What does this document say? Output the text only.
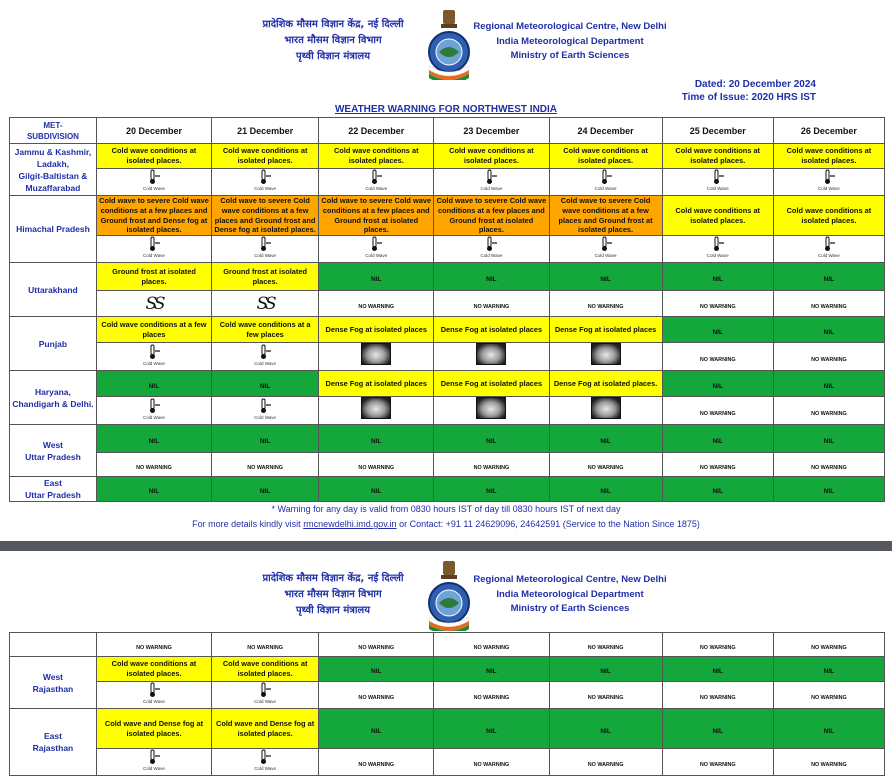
प्रादेशिक मौसम विज्ञान केंद्र, नई दिल्ली
भारत मौसम विज्ञान विभाग
पृथ्वी विज्ञान मंत्रालय
Regional Meteorological Centre, New Delhi
India Meteorological Department
Ministry of Earth Sciences
Dated: 20 December 2024
Time of Issue: 2020 HRS IST
WEATHER WARNING FOR NORTHWEST INDIA
MET-
SUBDIVISION	20 December	21 December	22 December	23 December	24 December	25 December	26 December
Jammu & Kashmir,
Ladakh,
Gilgit-Baltistan &
Muzaffarabad	Cold wave conditions at isolated places.	Cold wave conditions at isolated places.	Cold wave conditions at isolated places.	Cold wave conditions at isolated places.	Cold wave conditions at isolated places.	Cold wave conditions at isolated places.	Cold wave conditions at isolated places.

	Cold Wave	Cold Wave	Cold Wave	Cold Wave	Cold Wave	Cold Wave	Cold Wave

Himachal Pradesh	Cold wave to severe Cold wave conditions at a few places and Ground frost and Dense fog at isolated places.	Cold wave to severe Cold wave conditions at a few places and Ground frost and Dense fog at isolated places.	Cold wave to severe Cold wave conditions at a few places and Ground frost at isolated places.	Cold wave to severe Cold wave conditions at a few places and Ground frost at isolated places.	Cold wave to severe Cold wave conditions at a few places and Ground frost at isolated places.	Cold wave conditions at isolated places.	Cold wave conditions at isolated places.

	Cold Wave	Cold Wave	Cold Wave	Cold Wave	Cold Wave	Cold Wave	Cold Wave

Uttarakhand	Ground frost at isolated places.	Ground frost at isolated places.	NIL	NIL	NIL	NIL	NIL
	SS	SS	NO WARNING	NO WARNING	NO WARNING	NO WARNING	NO WARNING
Punjab	Cold wave conditions at a few places	Cold wave conditions at a few places	Dense Fog at isolated places	Dense Fog at isolated places	Dense Fog at isolated places	NIL	NIL

	Cold Wave	Cold Wave				NO WARNING	NO WARNING
Haryana,
Chandigarh & Delhi.	NIL	NIL	Dense Fog at isolated places	Dense Fog at isolated places	Dense Fog at isolated places.	NIL	NIL

	Cold Wave	Cold Wave				NO WARNING	NO WARNING
West
Uttar Pradesh	NIL	NIL	NIL	NIL	NIL	NIL	NIL
	NO WARNING	NO WARNING	NO WARNING	NO WARNING	NO WARNING	NO WARNING	NO WARNING
East
Uttar Pradesh	NIL	NIL	NIL	NIL	NIL	NIL	NIL
* Warning for any day is valid from 0830 hours IST of day till 0830 hours IST of next day
For more details kindly visit rmcnewdelhi.imd.gov.in or Contact: +91 11 24629096, 24642591 (Service to the Nation Since 1875)
प्रादेशिक मौसम विज्ञान केंद्र, नई दिल्ली
भारत मौसम विज्ञान विभाग
पृथ्वी विज्ञान मंत्रालय
Regional Meteorological Centre, New Delhi
India Meteorological Department
Ministry of Earth Sciences
	NO WARNING	NO WARNING	NO WARNING	NO WARNING	NO WARNING	NO WARNING	NO WARNING
West
Rajasthan	Cold wave conditions at isolated places.	Cold wave conditions at isolated places.	NIL	NIL	NIL	NIL	NIL

	Cold Wave	Cold Wave	NO WARNING	NO WARNING	NO WARNING	NO WARNING	NO WARNING
East
Rajasthan	Cold wave and Dense fog at isolated places.	Cold wave and Dense fog at isolated places.	NIL	NIL	NIL	NIL	NIL

	Cold Wave	Cold Wave	NO WARNING	NO WARNING	NO WARNING	NO WARNING	NO WARNING
